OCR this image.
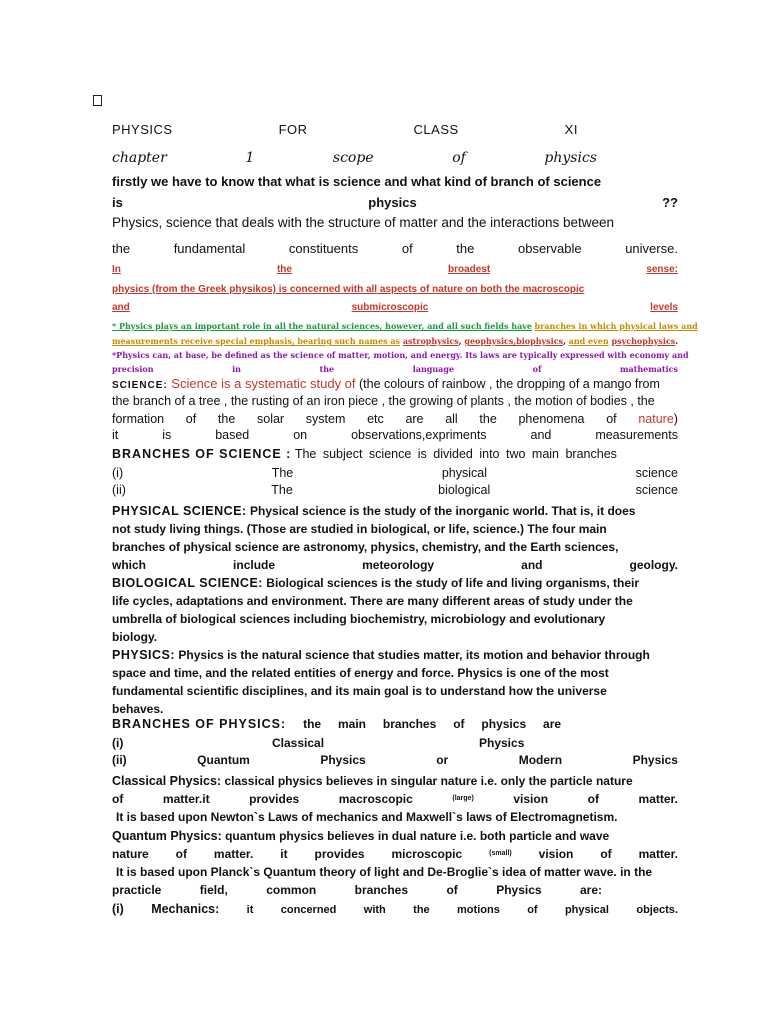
PHYSICS	FOR	CLASS	XI
chapter	1	scope	of	physics
firstly we have to know that what is science and what kind of branch of science
is	physics	??
Physics, science that deals with the structure of matter and the interactions between
the	fundamental	constituents	of	the	observable	universe.
In	the	broadest	sense:
physics (from the Greek physikos) is concerned with all aspects of nature on both the macroscopic
and	submicroscopic	levels
* Physics plays an important role in all the natural sciences, however, and all such fields have branches in which physical laws and
measurements receive special emphasis, bearing such names as astrophysics, geophysics,biophysics, and even psychophysics.
*Physics can, at base, be defined as the science of matter, motion, and energy. Its laws are typically expressed with economy and
precision	in	the	language	of	mathematics
SCIENCE: Science is a systematic study of (the colours of rainbow , the dropping of a mango from
the branch of a tree , the rusting of an iron piece , the growing of plants , the motion of bodies , the
formation of the solar system etc are all the phenomena of nature)
it	is	based	on	observations,expriments	and	measurements
BRANCHES OF SCIENCE : The subject science is divided into two main branches
(i)	The	physical	science
(ii)	The	biological	science
PHYSICAL SCIENCE: Physical science is the study of the inorganic world. That is, it does
not study living things. (Those are studied in biological, or life, science.) The four main
branches of physical science are astronomy, physics, chemistry, and the Earth sciences,
which	include	meteorology	and	geology.
BIOLOGICAL SCIENCE: Biological sciences is the study of life and living organisms, their
life cycles, adaptations and environment. There are many different areas of study under the
umbrella of biological sciences including biochemistry, microbiology and evolutionary
biology.
PHYSICS: Physics is the natural science that studies matter, its motion and behavior through
space and time, and the related entities of energy and force. Physics is one of the most
fundamental scientific disciplines, and its main goal is to understand how the universe
behaves.
BRANCHES OF PHYSICS: the main branches of physics are
(i)	Classical	Physics
(ii)	Quantum	Physics	or	Modern	Physics
Classical Physics: classical physics believes in singular nature i.e. only the particle nature
of	matter.it	provides	macroscopic	(large)	vision	of	matter.
It is based upon Newton`s Laws of mechanics and Maxwell`s laws of Electromagnetism.
Quantum Physics: quantum physics believes in dual nature i.e. both particle and wave
nature of matter. it provides microscopic	(small) vision of matter.
It is based upon Planck`s Quantum theory of light and De-Broglie`s idea of matter wave. in the
practicle	field,	common	branches	of	Physics	are:
(i) Mechanics: it concerned with the motions of physical objects.
